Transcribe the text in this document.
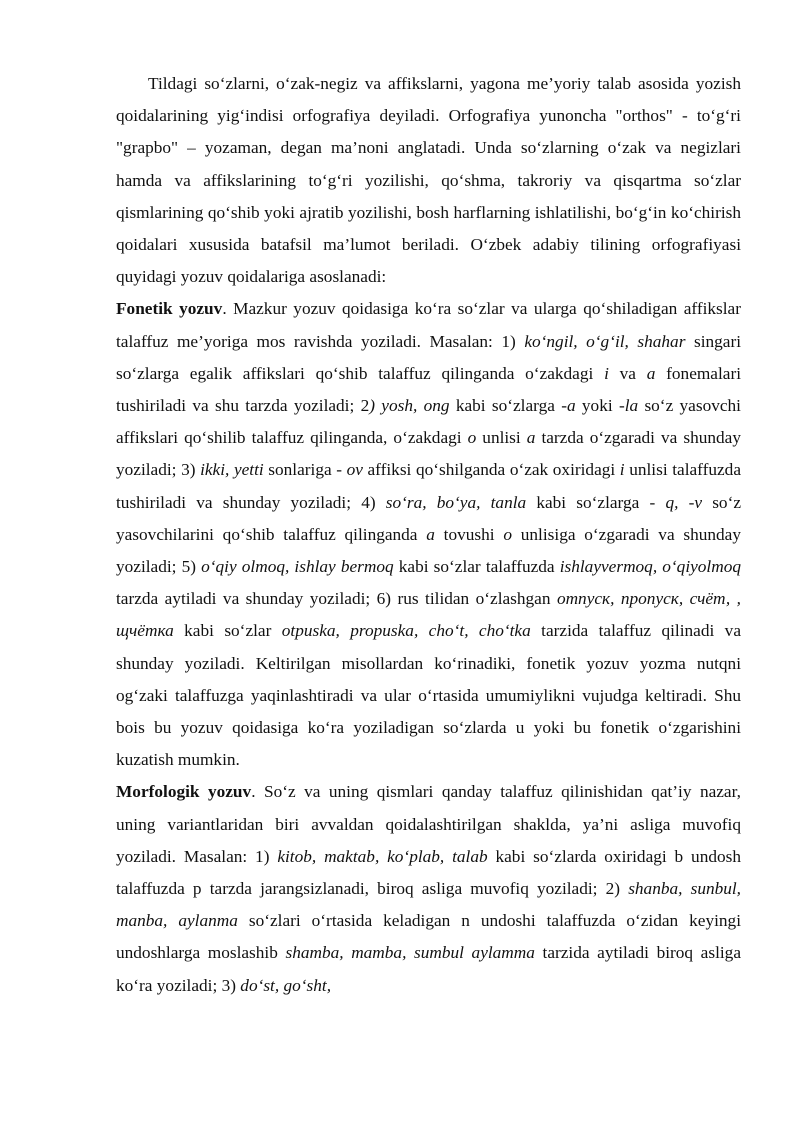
Tildagi so‘zlarni, o‘zak-negiz va affikslarni, yagona me’yoriy talab asosida yozish qoidalarining yig‘indisi orfografiya deyiladi. Orfografiya yunoncha "orthos" - to‘g‘ri "grapbo" – yozaman, degan ma’noni anglatadi. Unda so‘zlarning o‘zak va negizlari hamda va affikslarining to‘g‘ri yozilishi, qo‘shma, takroriy va qisqartma so‘zlar qismlarining qo‘shib yoki ajratib yozilishi, bosh harflarning ishlatilishi, bo‘g‘in ko‘chirish qoidalari xususida batafsil ma’lumot beriladi. O‘zbek adabiy tilining orfografiyasi quyidagi yozuv qoidalariga asoslanadi:

Fonetik yozuv. Mazkur yozuv qoidasiga ko‘ra so‘zlar va ularga qo‘shiladigan affikslar talaffuz me’yoriga mos ravishda yoziladi. Masalan: 1) ko‘ngil, o‘g‘il, shahar singari so‘zlarga egalik affikslari qo‘shib talaffuz qilinganda o‘zakdagi i va a fonemalari tushiriladi va shu tarzda yoziladi; 2) yosh, ong kabi so‘zlarga -a yoki -la so‘z yasovchi affikslari qo‘shilib talaffuz qilinganda, o‘zakdagi o unlisi a tarzda o‘zgaradi va shunday yoziladi; 3) ikki, yetti sonlariga - ov affiksi qo‘shilganda o‘zak oxiridagi i unlisi talaffuzda tushiriladi va shunday yoziladi; 4) so‘ra, bo‘ya, tanla kabi so‘zlarga - q, -v so‘z yasovchilarini qo‘shib talaffuz qilinganda a tovushi o unlisiga o‘zgaradi va shunday yoziladi; 5) o‘qiy olmoq, ishlay bermoq kabi so‘zlar talaffuzda ishlayvermoq, o‘qiyolmoq tarzda aytiladi va shunday yoziladi; 6) rus tilidan o‘zlashgan отпуск, пропуск, счёт, , щчётка kabi so‘zlar otpuska, propuska, cho‘t, cho‘tka tarzida talaffuz qilinadi va shunday yoziladi. Keltirilgan misollardan ko‘rinadiki, fonetik yozuv yozma nutqni og‘zaki talaffuzga yaqinlashtiradi va ular o‘rtasida umumiylikni vujudga keltiradi. Shu bois bu yozuv qoidasiga ko‘ra yoziladigan so‘zlarda u yoki bu fonetik o‘zgarishini kuzatish mumkin.

Morfologik yozuv. So‘z va uning qismlari qanday talaffuz qilinishidan qat’iy nazar, uning variantlaridan biri avvaldan qoidalashtirilgan shaklda, ya’ni asliga muvofiq yoziladi. Masalan: 1) kitob, maktab, ko‘plab, talab kabi so‘zlarda oxiridagi b undosh talaffuzda p tarzda jarangsizlanadi, biroq asliga muvofiq yoziladi; 2) shanba, sunbul, manba, aylanma so‘zlari o‘rtasida keladigan n undoshi talaffuzda o‘zidan keyingi undoshlarga moslashib shamba, mamba, sumbul aylamma tarzida aytiladi biroq asliga ko‘ra yoziladi; 3) do‘st, go‘sht,
